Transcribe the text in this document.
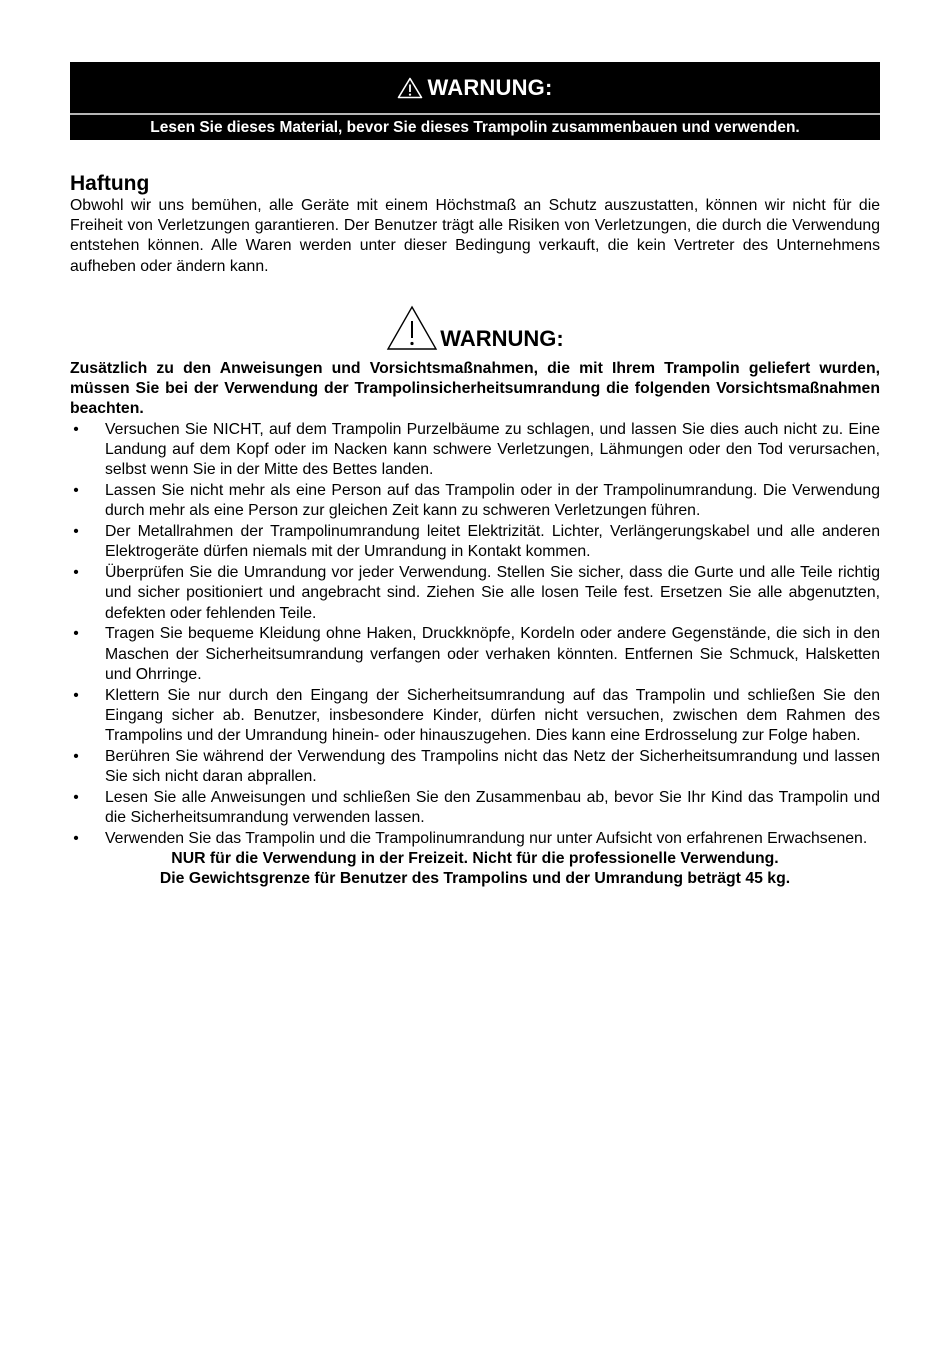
WARNUNG:
Lesen Sie dieses Material, bevor Sie dieses Trampolin zusammenbauen und verwenden.
Haftung
Obwohl wir uns bemühen, alle Geräte mit einem Höchstmaß an Schutz auszustatten, können wir nicht für die Freiheit von Verletzungen garantieren. Der Benutzer trägt alle Risiken von Verletzungen, die durch die Verwendung entstehen können. Alle Waren werden unter dieser Bedingung verkauft, die kein Vertreter des Unternehmens aufheben oder ändern kann.
WARNUNG:
Zusätzlich zu den Anweisungen und Vorsichtsmaßnahmen, die mit Ihrem Trampolin geliefert wurden, müssen Sie bei der Verwendung der Trampolinsicherheitsumrandung die folgenden Vorsichtsmaßnahmen beachten.
• Versuchen Sie NICHT, auf dem Trampolin Purzelbäume zu schlagen, und lassen Sie dies auch nicht zu. Eine Landung auf dem Kopf oder im Nacken kann schwere Verletzungen, Lähmungen oder den Tod verursachen, selbst wenn Sie in der Mitte des Bettes landen.
• Lassen Sie nicht mehr als eine Person auf das Trampolin oder in der Trampolinumrandung. Die Verwendung durch mehr als eine Person zur gleichen Zeit kann zu schweren Verletzungen führen.
• Der Metallrahmen der Trampolinumrandung leitet Elektrizität. Lichter, Verlängerungskabel und alle anderen Elektrogeräte dürfen niemals mit der Umrandung in Kontakt kommen.
• Überprüfen Sie die Umrandung vor jeder Verwendung. Stellen Sie sicher, dass die Gurte und alle Teile richtig und sicher positioniert und angebracht sind. Ziehen Sie alle losen Teile fest. Ersetzen Sie alle abgenutzten, defekten oder fehlenden Teile.
• Tragen Sie bequeme Kleidung ohne Haken, Druckknöpfe, Kordeln oder andere Gegenstände, die sich in den Maschen der Sicherheitsumrandung verfangen oder verhaken könnten. Entfernen Sie Schmuck, Halsketten und Ohrringe.
• Klettern Sie nur durch den Eingang der Sicherheitsumrandung auf das Trampolin und schließen Sie den Eingang sicher ab. Benutzer, insbesondere Kinder, dürfen nicht versuchen, zwischen dem Rahmen des Trampolins und der Umrandung hinein- oder hinauszugehen. Dies kann eine Erdrosselung zur Folge haben.
• Berühren Sie während der Verwendung des Trampolins nicht das Netz der Sicherheitsumrandung und lassen Sie sich nicht daran abprallen.
• Lesen Sie alle Anweisungen und schließen Sie den Zusammenbau ab, bevor Sie Ihr Kind das Trampolin und die Sicherheitsumrandung verwenden lassen.
• Verwenden Sie das Trampolin und die Trampolinumrandung nur unter Aufsicht von erfahrenen Erwachsenen.
NUR für die Verwendung in der Freizeit. Nicht für die professionelle Verwendung.
Die Gewichtsgrenze für Benutzer des Trampolins und der Umrandung beträgt 45 kg.
